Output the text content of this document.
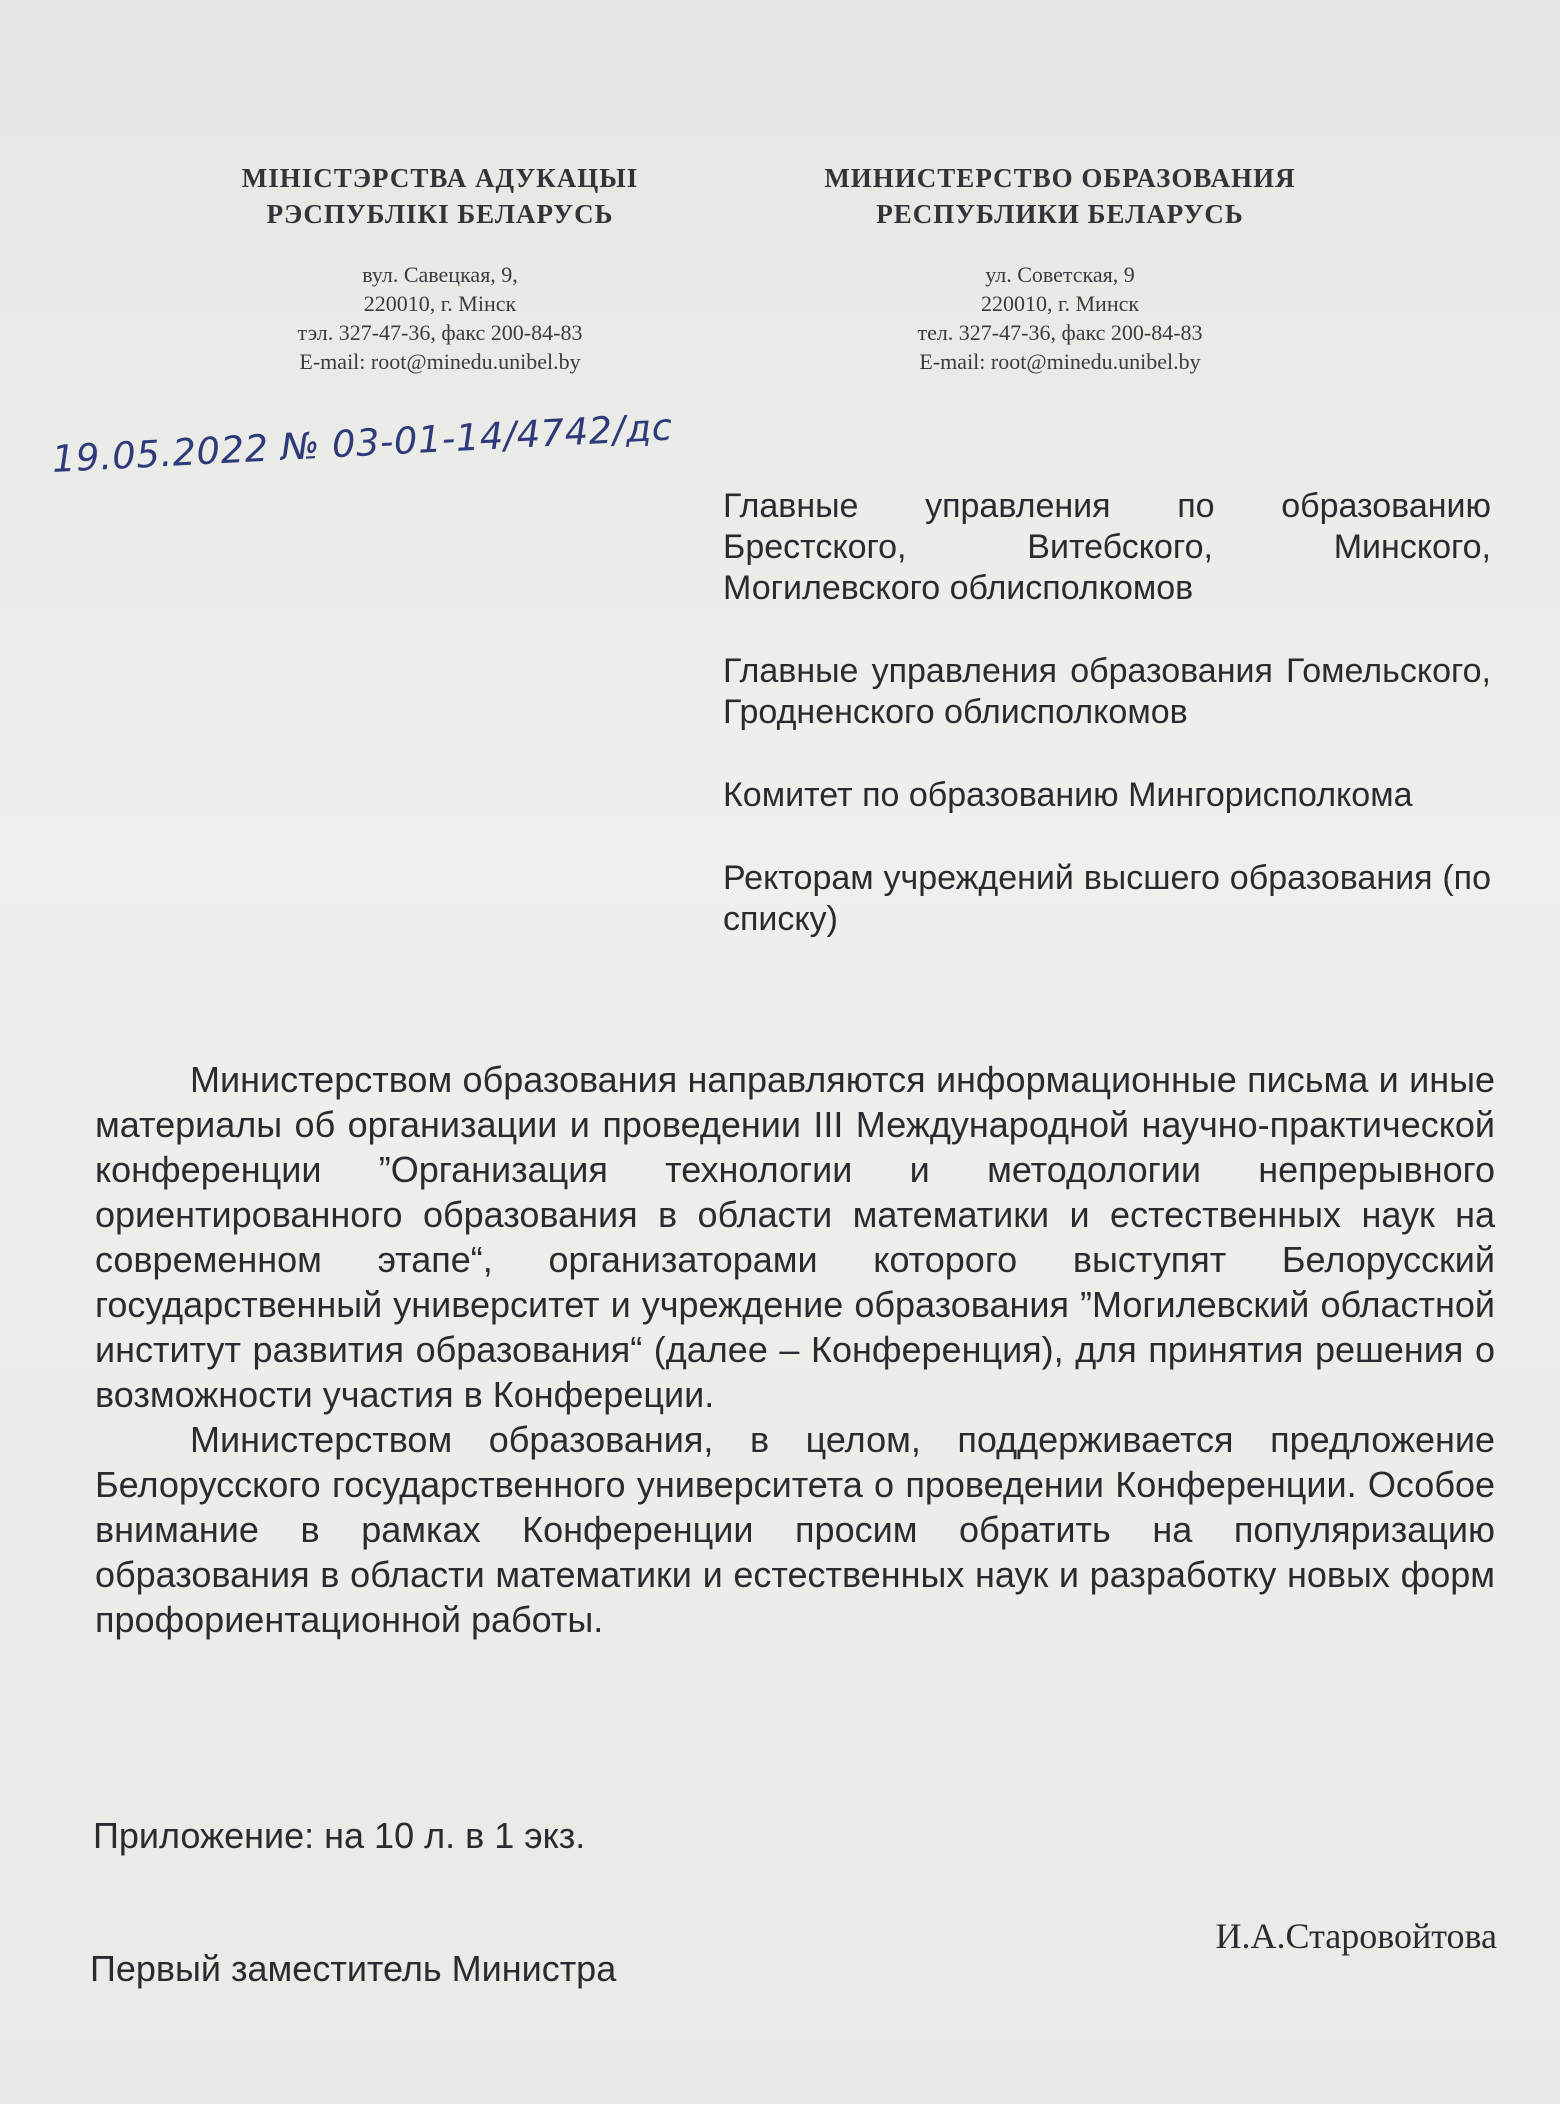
МІНІСТЭРСТВА АДУКАЦЫІ
РЭСПУБЛІКІ БЕЛАРУСЬ
вул. Савецкая, 9,
220010, г. Мінск
тэл. 327-47-36, факс 200-84-83
E-mail: root@minedu.unibel.by
МИНИСТЕРСТВО ОБРАЗОВАНИЯ
РЕСПУБЛИКИ БЕЛАРУСЬ
ул. Советская, 9
220010, г. Минск
тел. 327-47-36, факс 200-84-83
E-mail: root@minedu.unibel.by
19.05.2022 № 03-01-14/4742/дс

Главные управления по образованию Брестского, Витебского, Минского, Могилевского облисполкомов

Главные управления образования Гомельского, Гродненского облисполкомов

Комитет по образованию Мингорисполкома

Ректорам учреждений высшего образования (по списку)

Министерством образования направляются информационные письма и иные материалы об организации и проведении III Международной научно-практической конференции ”Организация технологии и методологии непрерывного ориентированного образования в области математики и естественных наук на современном этапе“, организаторами которого выступят Белорусский государственный университет и учреждение образования ”Могилевский областной институт развития образования“ (далее – Конференция), для принятия решения о возможности участия в Конфереции.

Министерством образования, в целом, поддерживается предложение Белорусского государственного университета о проведении Конференции. Особое внимание в рамках Конференции просим обратить на популяризацию образования в области математики и естественных наук и разработку новых форм профориентационной работы.

Приложение: на 10 л. в 1 экз.
Первый заместитель Министра
И.А.Старовойтова
